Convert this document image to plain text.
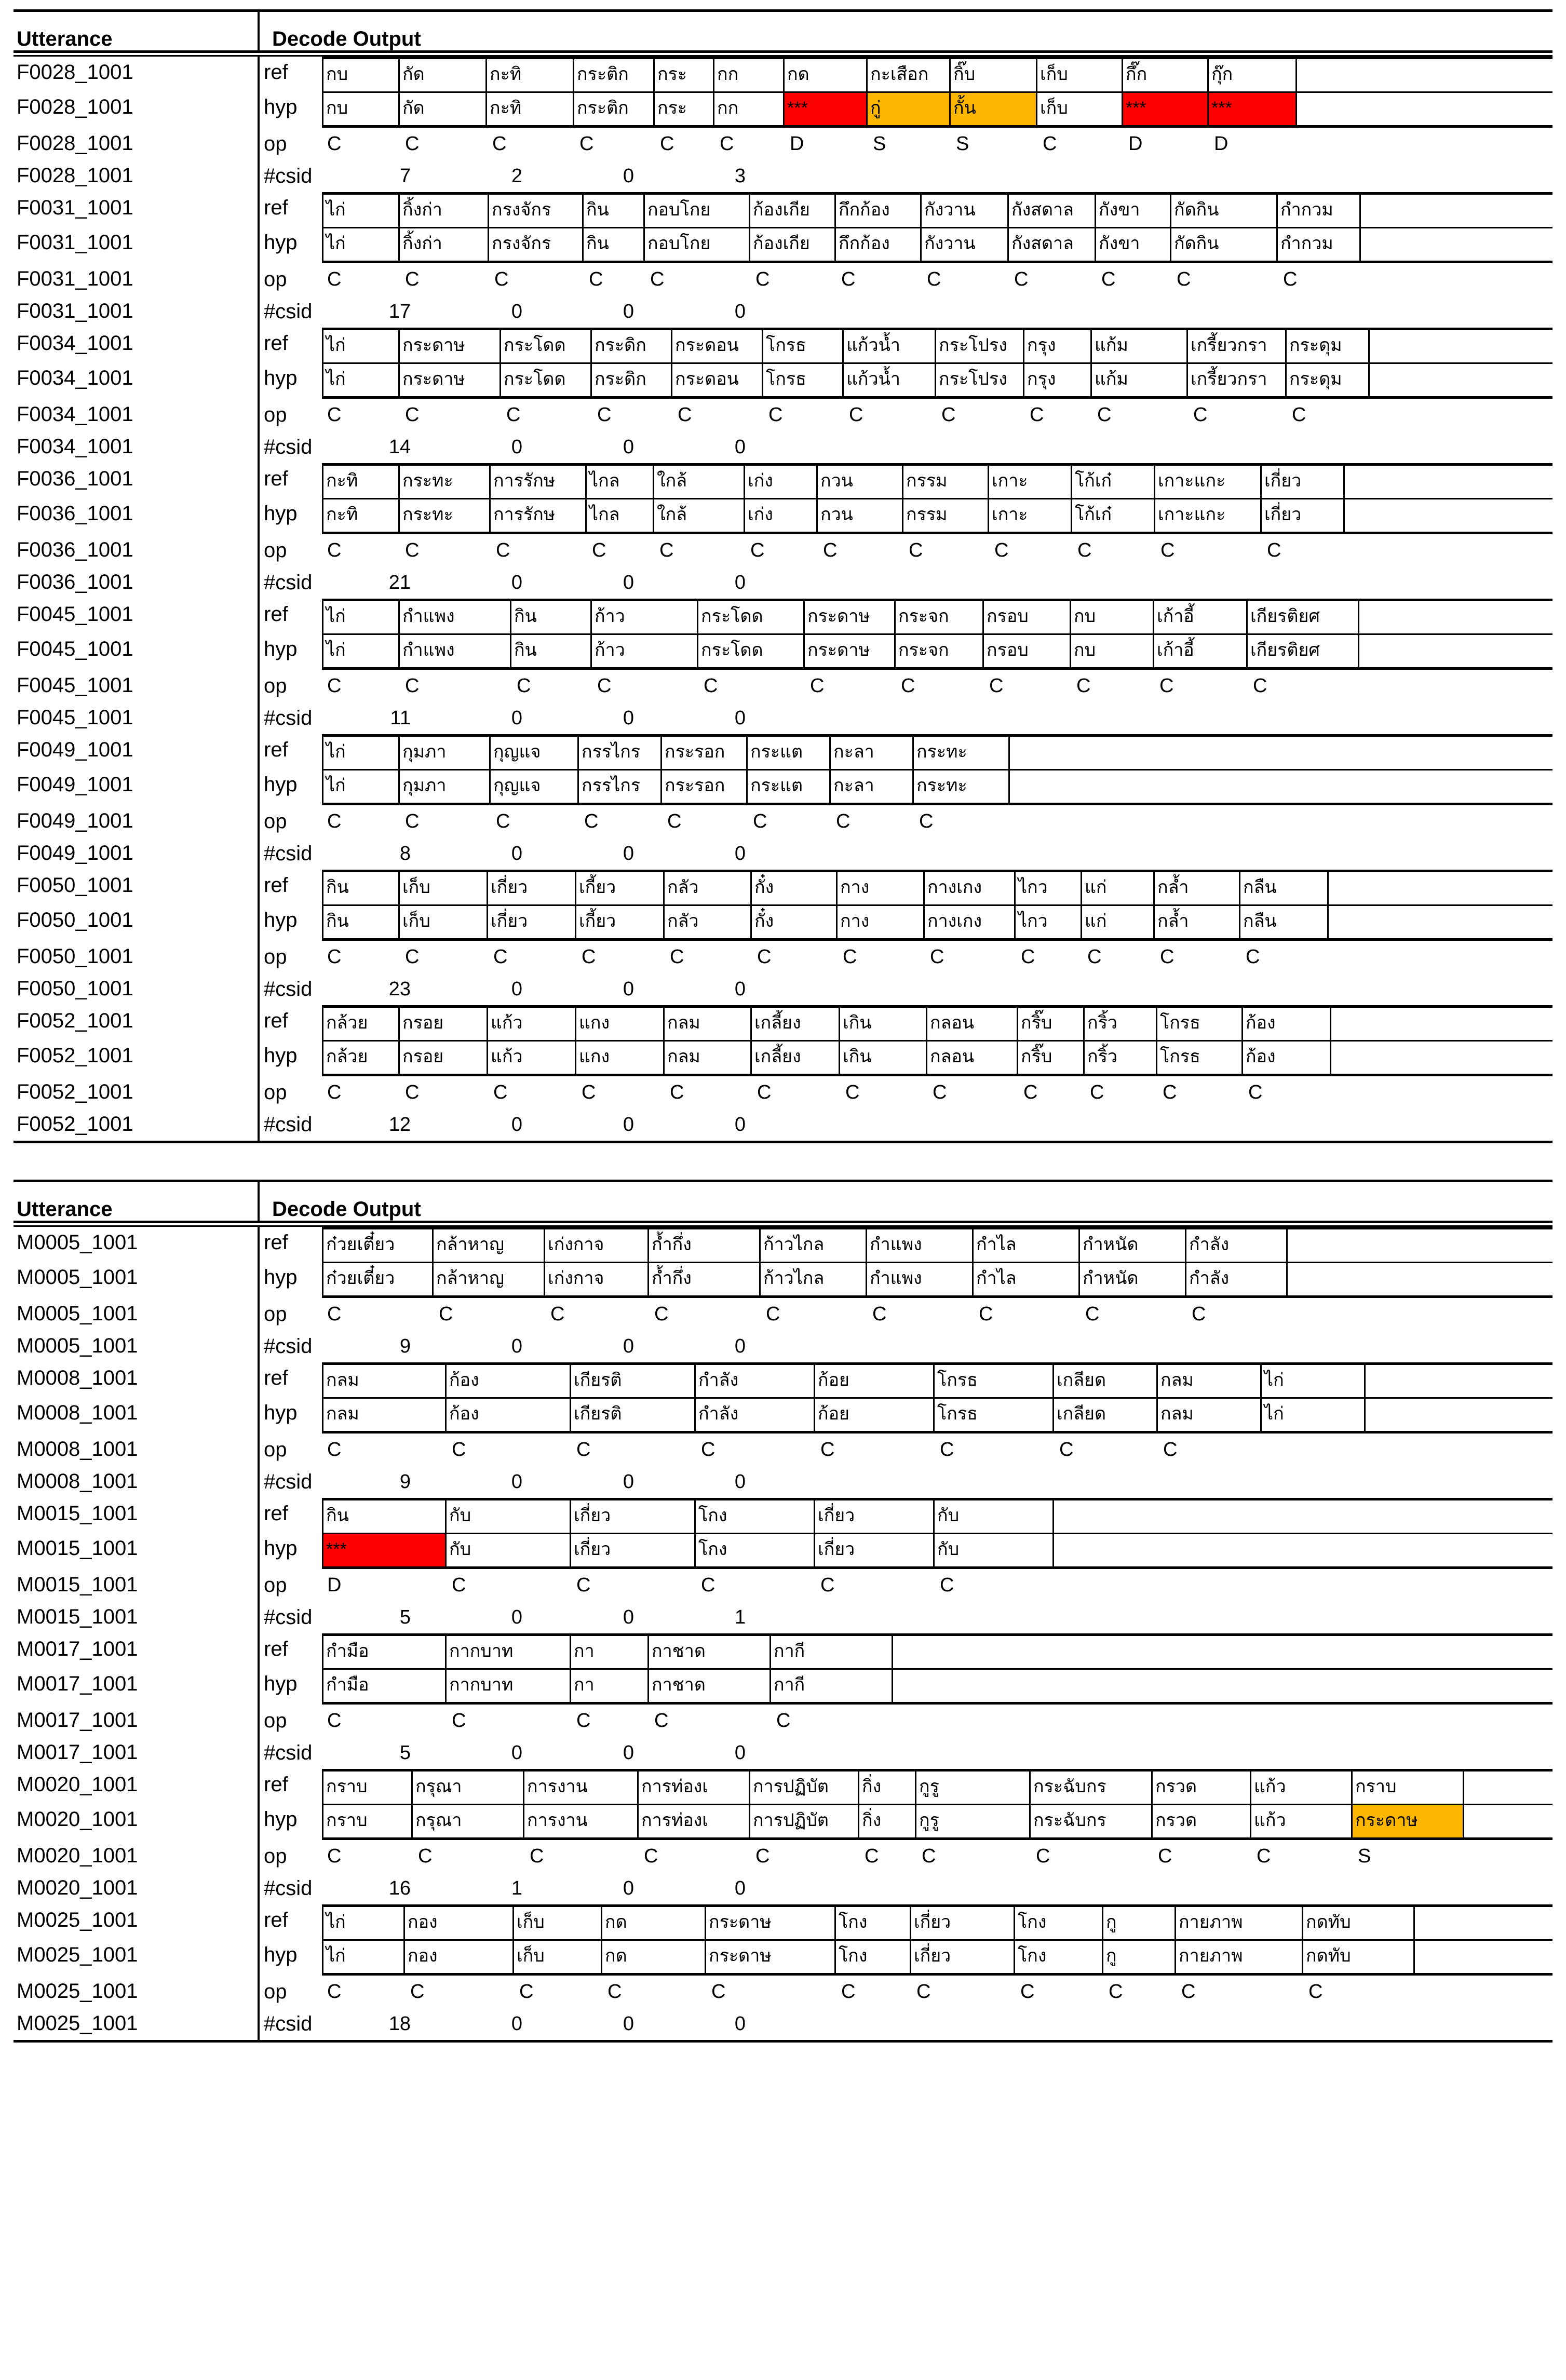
Utterance	Decode Output
F0028_1001	ref	กบ	กัด	กะทิ	กระติก	กระ	กก	กด	กะเสือก	กิ๊บ	เก็บ	กึ๊ก	กุ๊ก
F0028_1001	hyp	กบ	กัด	กะทิ	กระติก	กระ	กก	***	กู่	กั้น	เก็บ	***	***
F0028_1001	op	C	C	C	C	C	C	D	S	S	C	D	D
F0028_1001	#csid	7	2	0	3
F0031_1001	ref	ไก่	กิ้งก่า	กรงจักร	กิน	กอบโกย	ก้องเกีย	กึกก้อง	กังวาน	กังสดาล	กังขา	กัดกิน	กำกวม
F0031_1001	hyp	ไก่	กิ้งก่า	กรงจักร	กิน	กอบโกย	ก้องเกีย	กึกก้อง	กังวาน	กังสดาล	กังขา	กัดกิน	กำกวม
F0031_1001	op	C	C	C	C	C	C	C	C	C	C	C	C
F0031_1001	#csid	17	0	0	0
F0034_1001	ref	ไก่	กระดาษ	กระโดด	กระดิก	กระดอน	โกรธ	แก้วน้ำ	กระโปรง	กรุง	แก้ม	เกรี้ยวกรา	กระดุม
F0034_1001	hyp	ไก่	กระดาษ	กระโดด	กระดิก	กระดอน	โกรธ	แก้วน้ำ	กระโปรง	กรุง	แก้ม	เกรี้ยวกรา	กระดุม
F0034_1001	op	C	C	C	C	C	C	C	C	C	C	C	C
F0034_1001	#csid	14	0	0	0
F0036_1001	ref	กะทิ	กระทะ	การรักษ	ไกล	ใกล้	เก่ง	กวน	กรรม	เกาะ	โก้เก๋	เกาะแกะ	เกี่ยว
F0036_1001	hyp	กะทิ	กระทะ	การรักษ	ไกล	ใกล้	เก่ง	กวน	กรรม	เกาะ	โก้เก๋	เกาะแกะ	เกี่ยว
F0036_1001	op	C	C	C	C	C	C	C	C	C	C	C	C
F0036_1001	#csid	21	0	0	0
F0045_1001	ref	ไก่	กำแพง	กิน	ก้าว	กระโดด	กระดาษ	กระจก	กรอบ	กบ	เก้าอี้	เกียรติยศ
F0045_1001	hyp	ไก่	กำแพง	กิน	ก้าว	กระโดด	กระดาษ	กระจก	กรอบ	กบ	เก้าอี้	เกียรติยศ
F0045_1001	op	C	C	C	C	C	C	C	C	C	C	C
F0045_1001	#csid	11	0	0	0
F0049_1001	ref	ไก่	กุมภา	กุญแจ	กรรไกร	กระรอก	กระแต	กะลา	กระทะ
F0049_1001	hyp	ไก่	กุมภา	กุญแจ	กรรไกร	กระรอก	กระแต	กะลา	กระทะ
F0049_1001	op	C	C	C	C	C	C	C	C
F0049_1001	#csid	8	0	0	0
F0050_1001	ref	กิน	เก็บ	เกี่ยว	เกี้ยว	กลัว	กั๋ง	กาง	กางเกง	ไกว	แก่	กล้ำ	กลืน
F0050_1001	hyp	กิน	เก็บ	เกี่ยว	เกี้ยว	กลัว	กั๋ง	กาง	กางเกง	ไกว	แก่	กล้ำ	กลืน
F0050_1001	op	C	C	C	C	C	C	C	C	C	C	C	C
F0050_1001	#csid	23	0	0	0
F0052_1001	ref	กล้วย	กรอย	แก้ว	แกง	กลม	เกลี้ยง	เกิน	กลอน	กริ๊บ	กริ้ว	โกรธ	ก้อง
F0052_1001	hyp	กล้วย	กรอย	แก้ว	แกง	กลม	เกลี้ยง	เกิน	กลอน	กริ๊บ	กริ้ว	โกรธ	ก้อง
F0052_1001	op	C	C	C	C	C	C	C	C	C	C	C	C
F0052_1001	#csid	12	0	0	0
Utterance	Decode Output
M0005_1001	ref	ก๋วยเตี๋ยว	กล้าหาญ	เก่งกาจ	ก้ำกึ่ง	ก้าวไกล	กำแพง	กำไล	กำหนัด	กำลัง
M0005_1001	hyp	ก๋วยเตี๋ยว	กล้าหาญ	เก่งกาจ	ก้ำกึ่ง	ก้าวไกล	กำแพง	กำไล	กำหนัด	กำลัง
M0005_1001	op	C	C	C	C	C	C	C	C	C
M0005_1001	#csid	9	0	0	0
M0008_1001	ref	กลม	ก้อง	เกียรติ	กำลัง	ก้อย	โกรธ	เกลียด	กลม	ไก่
M0008_1001	hyp	กลม	ก้อง	เกียรติ	กำลัง	ก้อย	โกรธ	เกลียด	กลม	ไก่
M0008_1001	op	C	C	C	C	C	C	C	C
M0008_1001	#csid	9	0	0	0
M0015_1001	ref	กิน	กับ	เกี่ยว	โกง	เกี่ยว	กับ
M0015_1001	hyp	***	กับ	เกี่ยว	โกง	เกี่ยว	กับ
M0015_1001	op	D	C	C	C	C	C
M0015_1001	#csid	5	0	0	1
M0017_1001	ref	กำมือ	กากบาท	กา	กาชาด	กากี
M0017_1001	hyp	กำมือ	กากบาท	กา	กาชาด	กากี
M0017_1001	op	C	C	C	C	C
M0017_1001	#csid	5	0	0	0
M0020_1001	ref	กราบ	กรุณา	การงาน	การท่องเ	การปฏิบัต	กิ่ง	กูรู	กระฉับกร	กรวด	แก้ว	กราบ
M0020_1001	hyp	กราบ	กรุณา	การงาน	การท่องเ	การปฏิบัต	กิ่ง	กูรู	กระฉับกร	กรวด	แก้ว	กระดาษ
M0020_1001	op	C	C	C	C	C	C	C	C	C	C	S
M0020_1001	#csid	16	1	0	0
M0025_1001	ref	ไก่	กอง	เก็บ	กด	กระดาษ	โกง	เกี่ยว	โกง	กู	กายภาพ	กดทับ
M0025_1001	hyp	ไก่	กอง	เก็บ	กด	กระดาษ	โกง	เกี่ยว	โกง	กู	กายภาพ	กดทับ
M0025_1001	op	C	C	C	C	C	C	C	C	C	C	C
M0025_1001	#csid	18	0	0	0
